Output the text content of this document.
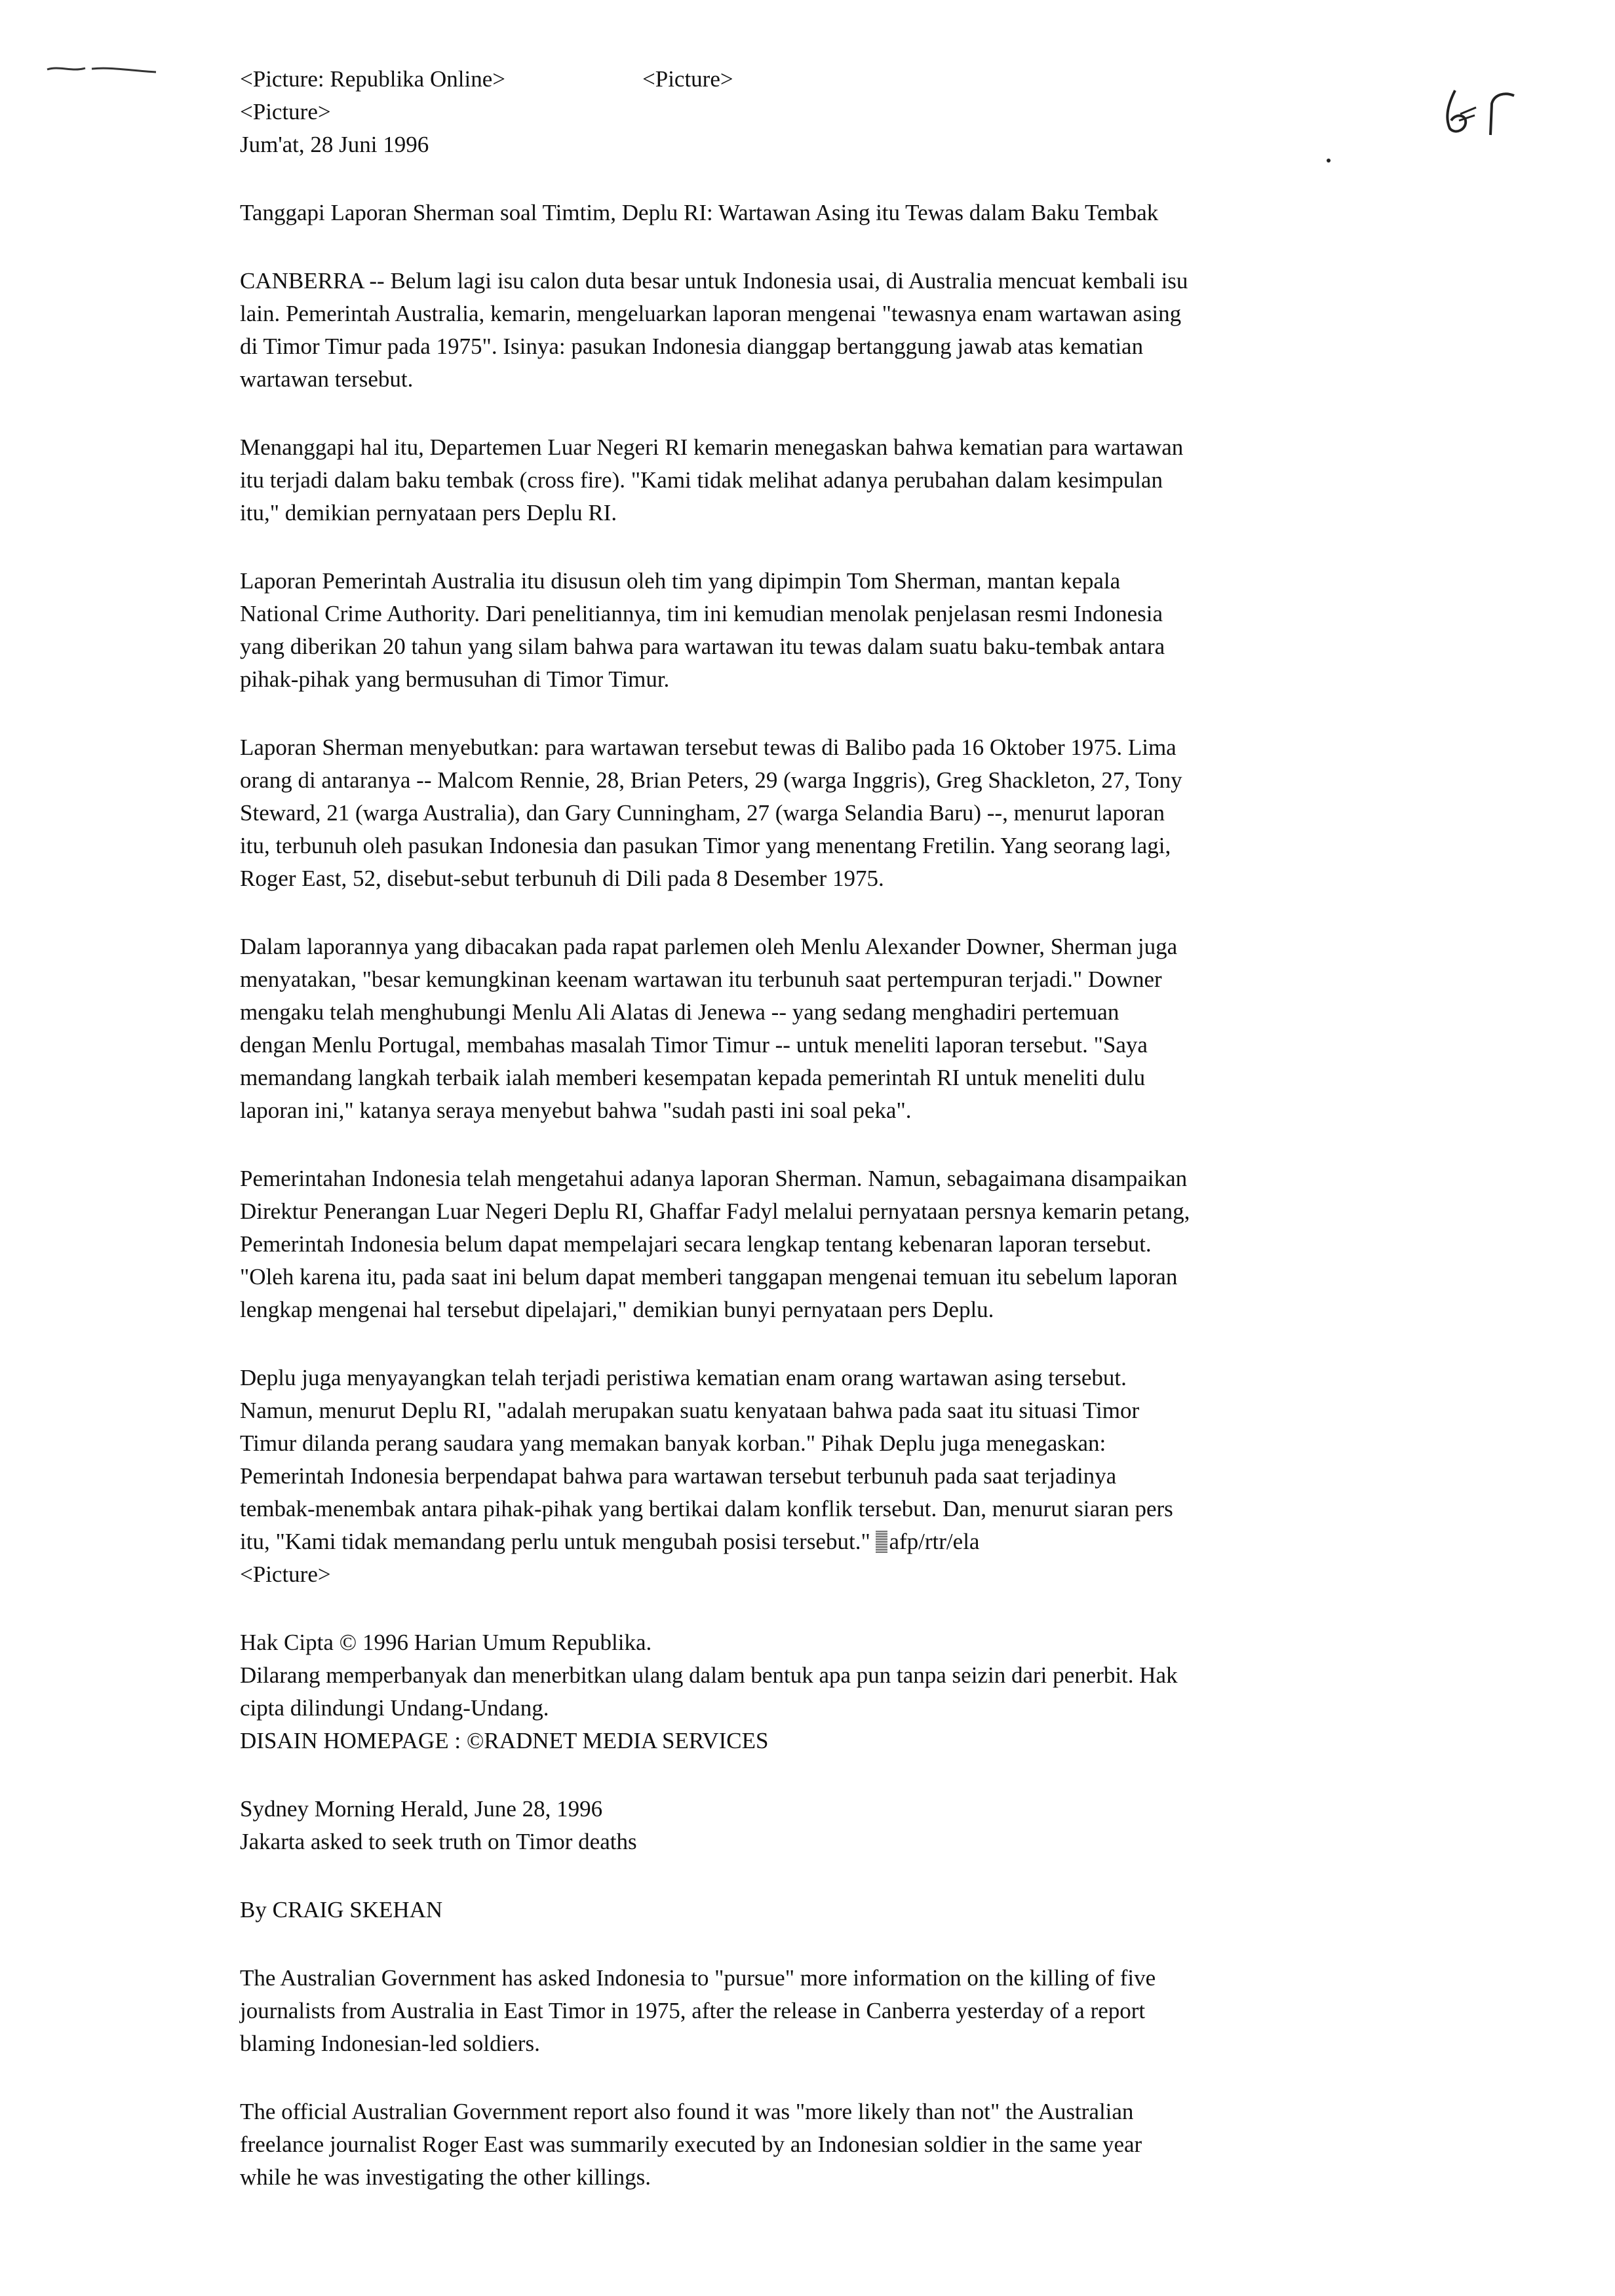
<Picture: Republika Online>	<Picture>

<Picture>

Jum'at, 28 Juni 1996

Tanggapi Laporan Sherman soal Timtim, Deplu RI: Wartawan Asing itu Tewas dalam Baku Tembak

CANBERRA -- Belum lagi isu calon duta besar untuk Indonesia usai, di Australia mencuat kembali isu

lain. Pemerintah Australia, kemarin, mengeluarkan laporan mengenai "tewasnya enam wartawan asing

di Timor Timur pada 1975". Isinya: pasukan Indonesia dianggap bertanggung jawab atas kematian

wartawan tersebut.

Menanggapi hal itu, Departemen Luar Negeri RI kemarin menegaskan bahwa kematian para wartawan

itu terjadi dalam baku tembak (cross fire). "Kami tidak melihat adanya perubahan dalam kesimpulan

itu," demikian pernyataan pers Deplu RI.

Laporan Pemerintah Australia itu disusun oleh tim yang dipimpin Tom Sherman, mantan kepala

National Crime Authority. Dari penelitiannya, tim ini kemudian menolak penjelasan resmi Indonesia

yang diberikan 20 tahun yang silam bahwa para wartawan itu tewas dalam suatu baku-tembak antara

pihak-pihak yang bermusuhan di Timor Timur.

Laporan Sherman menyebutkan: para wartawan tersebut tewas di Balibo pada 16 Oktober 1975. Lima

orang di antaranya -- Malcom Rennie, 28, Brian Peters, 29 (warga Inggris), Greg Shackleton, 27, Tony

Steward, 21 (warga Australia), dan Gary Cunningham, 27 (warga Selandia Baru) --, menurut laporan

itu, terbunuh oleh pasukan Indonesia dan pasukan Timor yang menentang Fretilin. Yang seorang lagi,

Roger East, 52, disebut-sebut terbunuh di Dili pada 8 Desember 1975.

Dalam laporannya yang dibacakan pada rapat parlemen oleh Menlu Alexander Downer, Sherman juga

menyatakan, "besar kemungkinan keenam wartawan itu terbunuh saat pertempuran terjadi." Downer

mengaku telah menghubungi Menlu Ali Alatas di Jenewa -- yang sedang menghadiri pertemuan

dengan Menlu Portugal, membahas masalah Timor Timur -- untuk meneliti laporan tersebut. "Saya

memandang langkah terbaik ialah memberi kesempatan kepada pemerintah RI untuk meneliti dulu

laporan ini," katanya seraya menyebut bahwa "sudah pasti ini soal peka".

Pemerintahan Indonesia telah mengetahui adanya laporan Sherman. Namun, sebagaimana disampaikan

Direktur Penerangan Luar Negeri Deplu RI, Ghaffar Fadyl melalui pernyataan persnya kemarin petang,

Pemerintah Indonesia belum dapat mempelajari secara lengkap tentang kebenaran laporan tersebut.

"Oleh karena itu, pada saat ini belum dapat memberi tanggapan mengenai temuan itu sebelum laporan

lengkap mengenai hal tersebut dipelajari," demikian bunyi pernyataan pers Deplu.

Deplu juga menyayangkan telah terjadi peristiwa kematian enam orang wartawan asing tersebut.

Namun, menurut Deplu RI, "adalah merupakan suatu kenyataan bahwa pada saat itu situasi Timor

Timur dilanda perang saudara yang memakan banyak korban." Pihak Deplu juga menegaskan:

Pemerintah Indonesia berpendapat bahwa para wartawan tersebut terbunuh pada saat terjadinya

tembak-menembak antara pihak-pihak yang bertikai dalam konflik tersebut. Dan, menurut siaran pers

itu, "Kami tidak memandang perlu untuk mengubah posisi tersebut." afp/rtr/ela

<Picture>

Hak Cipta © 1996 Harian Umum Republika.

Dilarang memperbanyak dan menerbitkan ulang dalam bentuk apa pun tanpa seizin dari penerbit. Hak

cipta dilindungi Undang-Undang.

DISAIN HOMEPAGE : ©RADNET MEDIA SERVICES

Sydney Morning Herald, June 28, 1996

Jakarta asked to seek truth on Timor deaths

By CRAIG SKEHAN

The Australian Government has asked Indonesia to "pursue" more information on the killing of five

journalists from Australia in East Timor in 1975, after the release in Canberra yesterday of a report

blaming Indonesian-led soldiers.

The official Australian Government report also found it was "more likely than not" the Australian

freelance journalist Roger East was summarily executed by an Indonesian soldier in the same year

while he was investigating the other killings.
